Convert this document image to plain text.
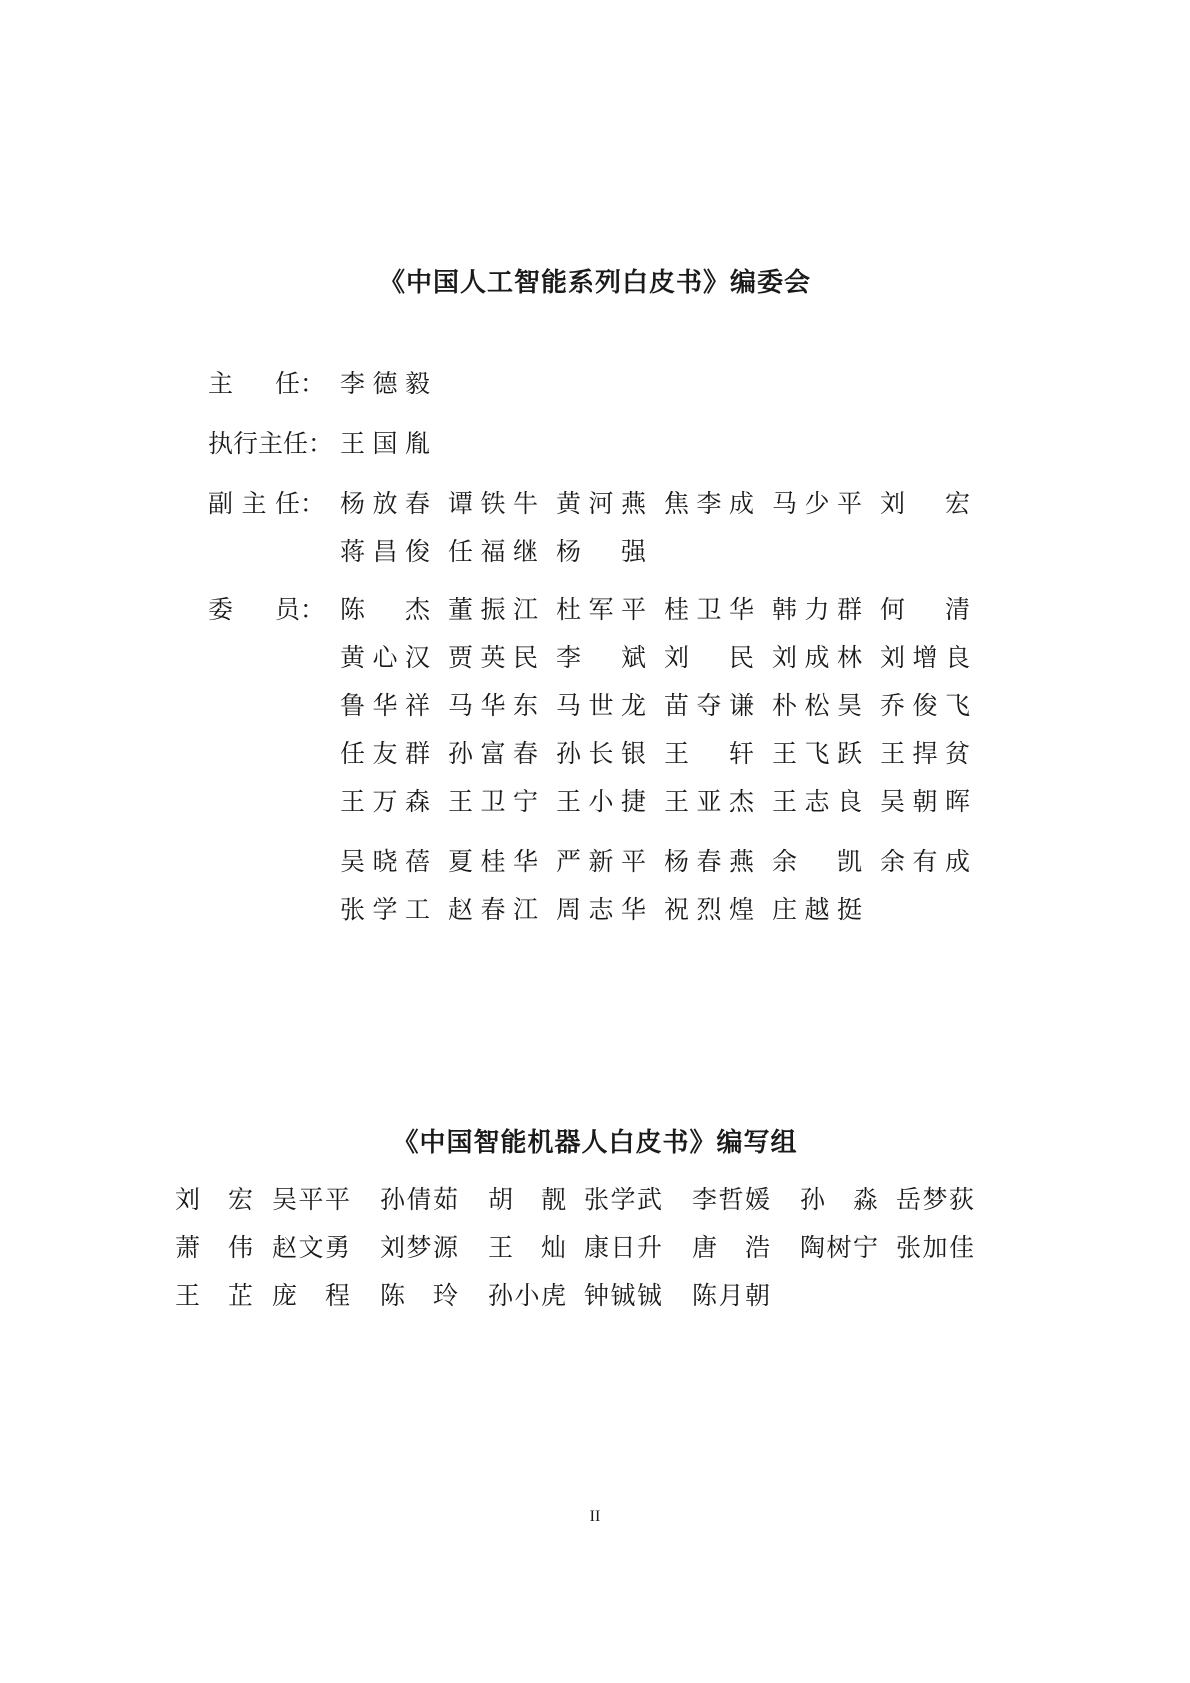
《中国人工智能系列白皮书》编委会
主 任： 李德毅
执行主任： 王国胤
副 主 任： 杨放春 谭铁牛 黄河燕 焦李成 马少平 刘 宏
蒋昌俊 任福继 杨 强
委 员： 陈 杰 董振江 杜军平 桂卫华 韩力群 何 清
黄心汉 贾英民 李 斌 刘 民 刘成林 刘增良
鲁华祥 马华东 马世龙 苗夺谦 朴松昊 乔俊飞
任友群 孙富春 孙长银 王 轩 王飞跃 王捍贫
王万森 王卫宁 王小捷 王亚杰 王志良 吴朝晖
吴晓蓓 夏桂华 严新平 杨春燕 余 凯 余有成
张学工 赵春江 周志华 祝烈煌 庄越挺
《中国智能机器人白皮书》编写组
刘 宏 吴平平 孙倩茹 胡 靓 张学武 李哲媛 孙 淼 岳梦荻
萧 伟 赵文勇 刘梦源 王 灿 康日升 唐 浩 陶树宁 张加佳
王 芷 庞 程 陈 玲 孙小虎 钟铖铖 陈月朝
II
